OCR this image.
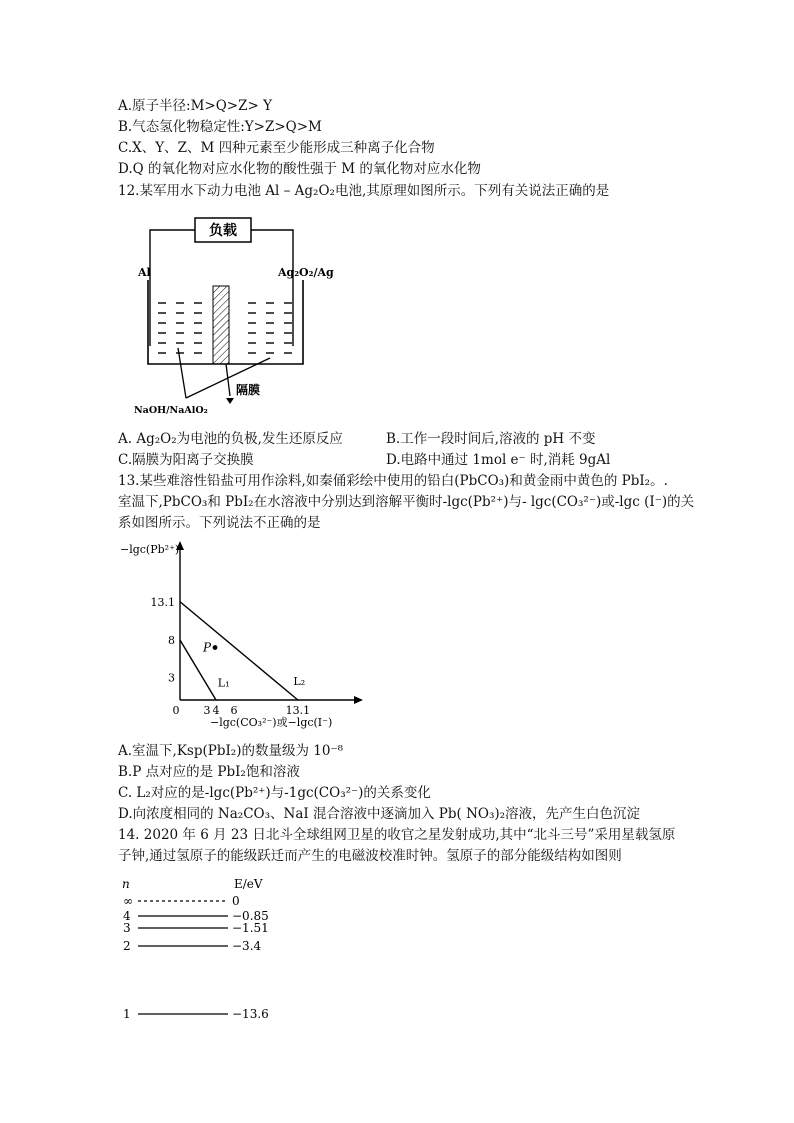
A.原子半径:M>Q>Z> Y
B.气态氢化物稳定性:Y>Z>Q>M
C.X、Y、Z、M 四种元素至少能形成三种离子化合物
D.Q 的氧化物对应水化物的酸性强于 M 的氧化物对应水化物
12.某军用水下动力电池 Al – Ag₂O₂电池,其原理如图所示。下列有关说法正确的是
负载
Al	Ag₂O₂/Ag
隔膜
NaOH/NaAlO₂
A. Ag₂O₂为电池的负极,发生还原反应	B.工作一段时间后,溶液的 pH 不变
C.隔膜为阳离子交换膜	D.电路中通过 1mol e⁻ 时,消耗 9gAl
13.某些难溶性铅盐可用作涂料,如秦俑彩绘中使用的铅白(PbCO₃)和黄金雨中黄色的 PbI₂。.
室温下,PbCO₃和 PbI₂在水溶液中分别达到溶解平衡时-lgc(Pb²⁺)与- lgc(CO₃²⁻)或-lgc (I⁻)的关
系如图所示。下列说法不正确的是
−lgc(Pb²⁺)
−lgc(CO₃²⁻)或−lgc(I⁻)
0
3
8
13.1
3 4 6	13.1
L₁	L₂
P
A.室温下,Ksp(PbI₂)的数量级为 10⁻⁸
B.P 点对应的是 PbI₂饱和溶液
C. L₂对应的是-lgc(Pb²⁺)与-1gc(CO₃²⁻)的关系变化
D.向浓度相同的 Na₂CO₃、NaI 混合溶液中逐滴加入 Pb( NO₃)₂溶液，先产生白色沉淀
14. 2020 年 6 月 23 日北斗全球组网卫星的收官之星发射成功,其中“北斗三号”采用星载氢原
子钟,通过氢原子的能级跃迁而产生的电磁波校准时钟。氢原子的部分能级结构如图则
n	E/eV
∞	0
4	−0.85
3	−1.51
2	−3.4
1	−13.6
